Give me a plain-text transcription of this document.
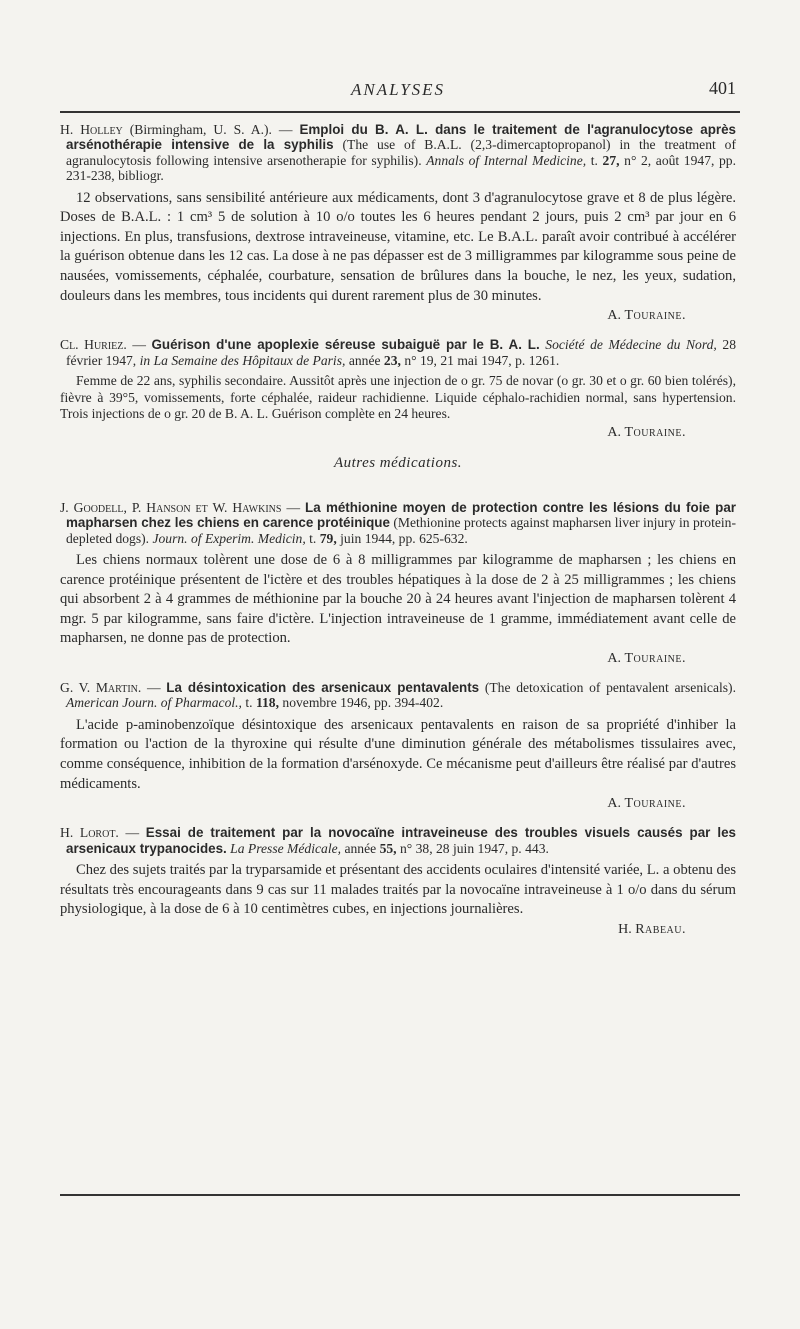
ANALYSES	401

H. Holley (Birmingham, U. S. A.). — Emploi du B. A. L. dans le traitement de l'agranulocytose après arsénothérapie intensive de la syphilis (The use of B.A.L. (2,3-dimercaptopropanol) in the treatment of agranulocytosis following intensive arsenotherapie for syphilis). Annals of Internal Medicine, t. 27, n° 2, août 1947, pp. 231-238, bibliogr.

12 observations, sans sensibilité antérieure aux médicaments, dont 3 d'agranulocytose grave et 8 de plus légère. Doses de B.A.L. : 1 cm³ 5 de solution à 10 o/o toutes les 6 heures pendant 2 jours, puis 2 cm³ par jour en 6 injections. En plus, transfusions, dextrose intraveineuse, vitamine, etc. Le B.A.L. paraît avoir contribué à accélérer la guérison obtenue dans les 12 cas. La dose à ne pas dépasser est de 3 milligrammes par kilogramme sous peine de nausées, vomissements, céphalée, courbature, sensation de brûlures dans la bouche, le nez, les yeux, sudation, douleurs dans les membres, tous incidents qui durent rarement plus de 30 minutes.

A. Touraine.

Cl. Huriez. — Guérison d'une apoplexie séreuse subaiguë par le B. A. L. Société de Médecine du Nord, 28 février 1947, in La Semaine des Hôpitaux de Paris, année 23, n° 19, 21 mai 1947, p. 1261.

Femme de 22 ans, syphilis secondaire. Aussitôt après une injection de o gr. 75 de novar (o gr. 30 et o gr. 60 bien tolérés), fièvre à 39°5, vomissements, forte céphalée, raideur rachidienne. Liquide céphalo-rachidien normal, sans hypertension. Trois injections de o gr. 20 de B. A. L. Guérison complète en 24 heures.

A. Touraine.

Autres médications.

J. Goodell, P. Hanson et W. Hawkins — La méthionine moyen de protection contre les lésions du foie par mapharsen chez les chiens en carence protéinique (Methionine protects against mapharsen liver injury in protein-depleted dogs). Journ. of Experim. Medicin, t. 79, juin 1944, pp. 625-632.

Les chiens normaux tolèrent une dose de 6 à 8 milligrammes par kilogramme de mapharsen ; les chiens en carence protéinique présentent de l'ictère et des troubles hépatiques à la dose de 2 à 25 milligrammes ; les chiens qui absorbent 2 à 4 grammes de méthionine par la bouche 20 à 24 heures avant l'injection de mapharsen tolèrent 4 mgr. 5 par kilogramme, sans faire d'ictère. L'injection intraveineuse de 1 gramme, immédiatement avant celle de mapharsen, ne donne pas de protection.

A. Touraine.

G. V. Martin. — La désintoxication des arsenicaux pentavalents (The detoxication of pentavalent arsenicals). American Journ. of Pharmacol., t. 118, novembre 1946, pp. 394-402.

L'acide p-aminobenzoïque désintoxique des arsenicaux pentavalents en raison de sa propriété d'inhiber la formation ou l'action de la thyroxine qui résulte d'une diminution générale des métabolismes tissulaires avec, comme conséquence, inhibition de la formation d'arsénoxyde. Ce mécanisme peut d'ailleurs être réalisé par d'autres médicaments.

A. Touraine.

H. Lorot. — Essai de traitement par la novocaïne intraveineuse des troubles visuels causés par les arsenicaux trypanocides. La Presse Médicale, année 55, n° 38, 28 juin 1947, p. 443.

Chez des sujets traités par la tryparsamide et présentant des accidents oculaires d'intensité variée, L. a obtenu des résultats très encourageants dans 9 cas sur 11 malades traités par la novocaïne intraveineuse à 1 o/o dans du sérum physiologique, à la dose de 6 à 10 centimètres cubes, en injections journalières.

H. Rabeau.
